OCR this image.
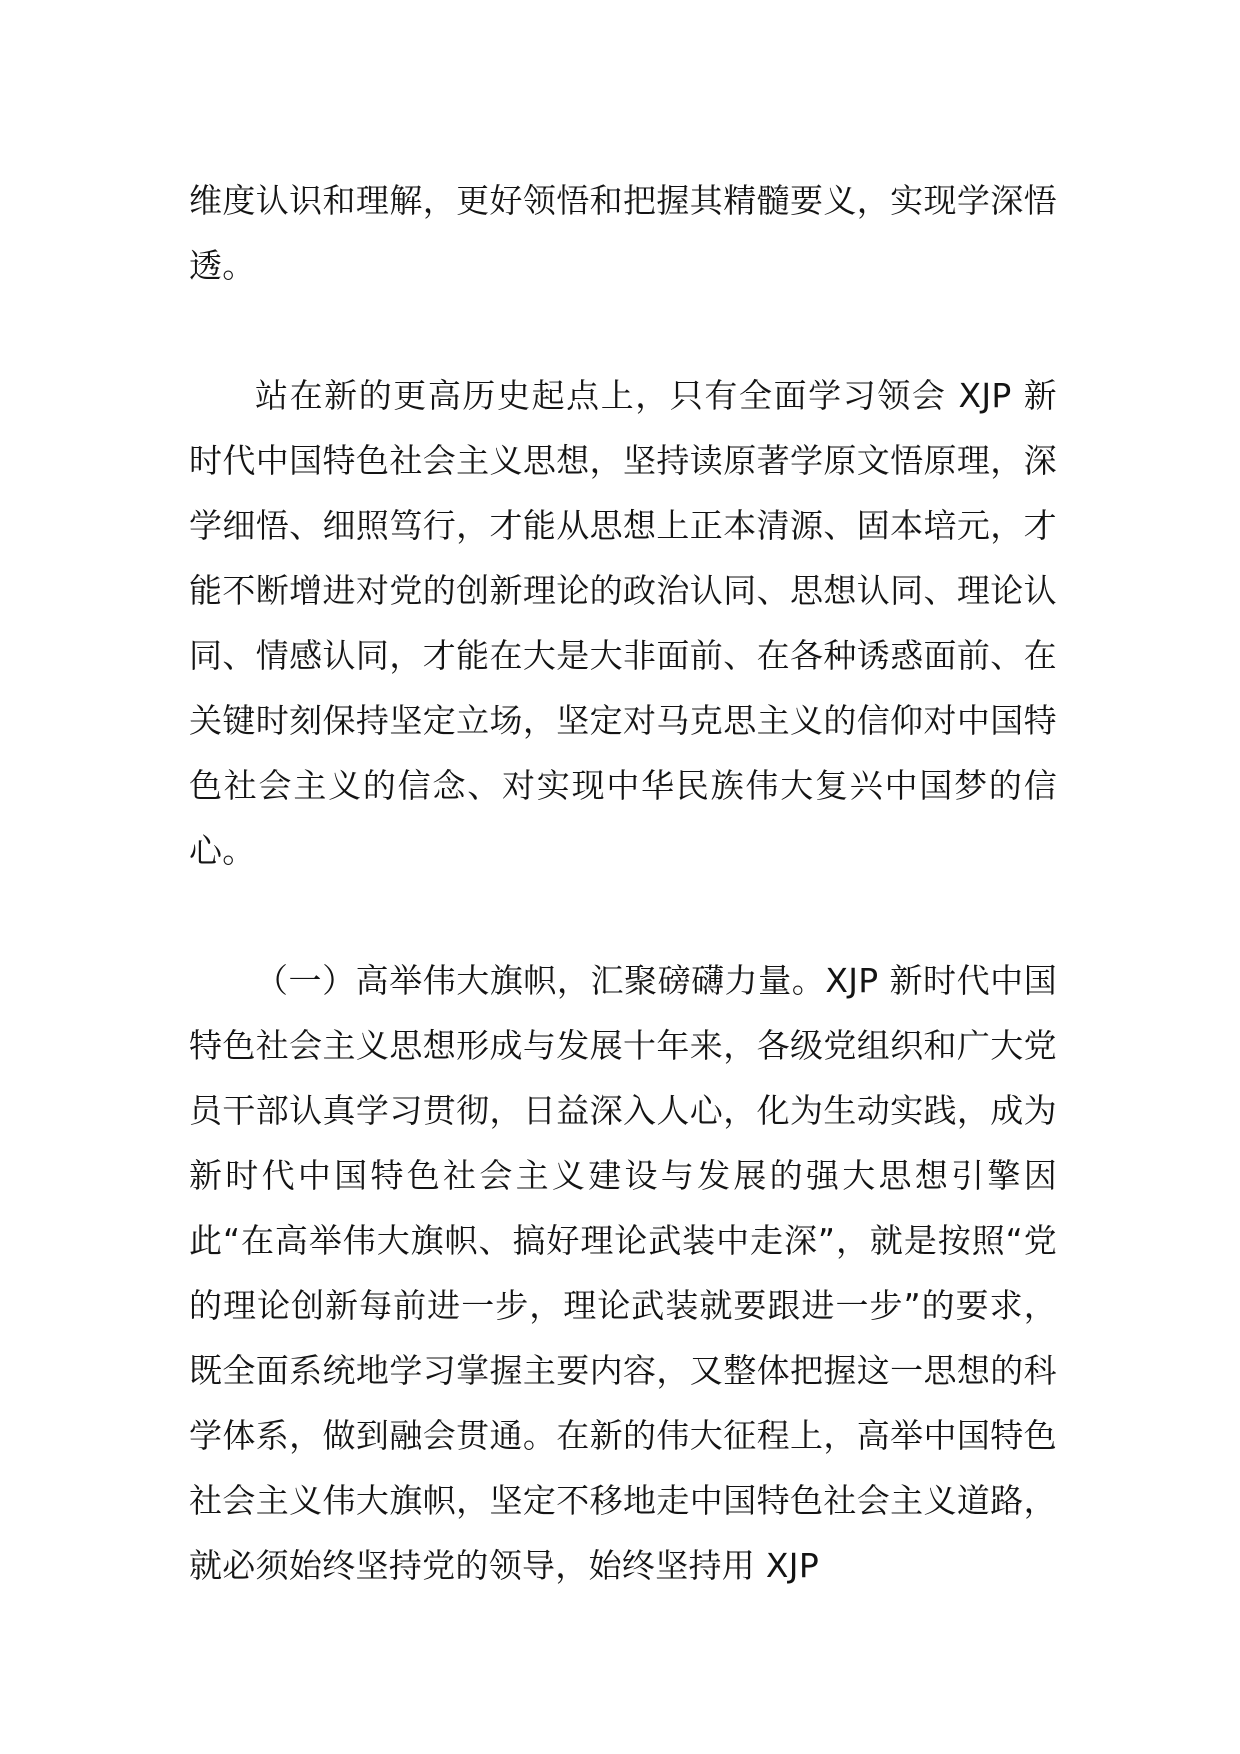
维度认识和理解，更好领悟和把握其精髓要义，实现学深悟透。

站在新的更高历史起点上，只有全面学习领会 XJP 新时代中国特色社会主义思想，坚持读原著学原文悟原理，深学细悟、细照笃行，才能从思想上正本清源、固本培元，才能不断增进对党的创新理论的政治认同、思想认同、理论认同、情感认同，才能在大是大非面前、在各种诱惑面前、在关键时刻保持坚定立场，坚定对马克思主义的信仰对中国特色社会主义的信念、对实现中华民族伟大复兴中国梦的信心。

（一）高举伟大旗帜，汇聚磅礴力量。XJP 新时代中国特色社会主义思想形成与发展十年来，各级党组织和广大党员干部认真学习贯彻，日益深入人心，化为生动实践，成为新时代中国特色社会主义建设与发展的强大思想引擎因此“在高举伟大旗帜、搞好理论武装中走深”，就是按照“党的理论创新每前进一步，理论武装就要跟进一步”的要求，既全面系统地学习掌握主要内容，又整体把握这一思想的科学体系，做到融会贯通。在新的伟大征程上，高举中国特色社会主义伟大旗帜，坚定不移地走中国特色社会主义道路，就必须始终坚持党的领导，始终坚持用 XJP
